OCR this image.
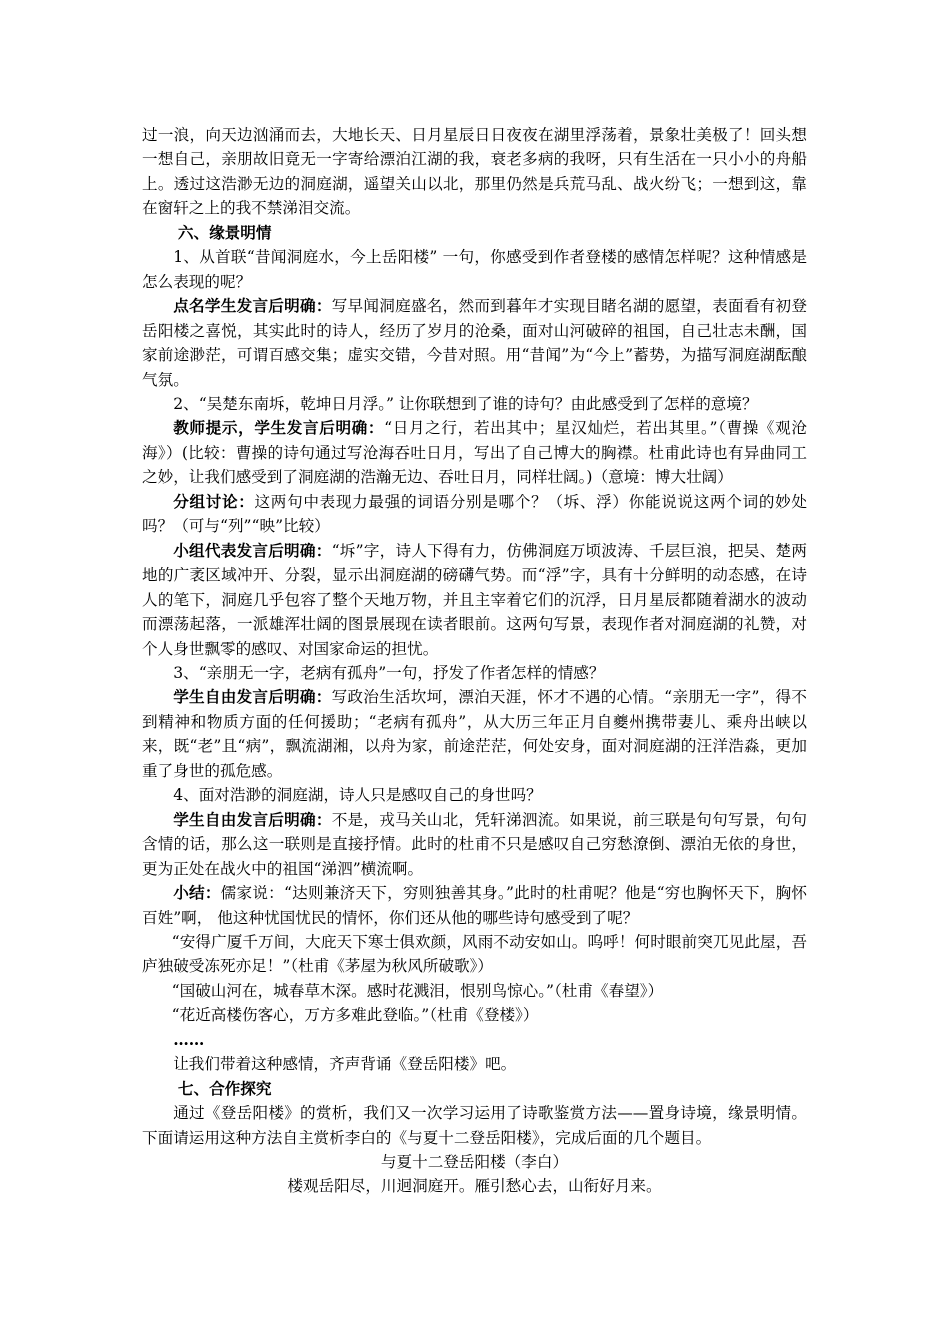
过一浪，向天边汹涌而去，大地长天、日月星辰日日夜夜在湖里浮荡着，景象壮美极了！回头想一想自己，亲朋故旧竟无一字寄给漂泊江湖的我，衰老多病的我呀，只有生活在一只小小的舟船上。透过这浩渺无边的洞庭湖，遥望关山以北，那里仍然是兵荒马乱、战火纷飞；一想到这，靠在窗轩之上的我不禁涕泪交流。

六、缘景明情

1、从首联“昔闻洞庭水，今上岳阳楼” 一句，你感受到作者登楼的感情怎样呢？这种情感是怎么表现的呢？

点名学生发言后明确：写早闻洞庭盛名，然而到暮年才实现目睹名湖的愿望，表面看有初登岳阳楼之喜悦，其实此时的诗人，经历了岁月的沧桑，面对山河破碎的祖国，自己壮志未酬，国家前途渺茫，可谓百感交集；虚实交错，今昔对照。用“昔闻”为“今上”蓄势，为描写洞庭湖酝酿气氛。

2、“吴楚东南坼，乾坤日月浮。” 让你联想到了谁的诗句？由此感受到了怎样的意境？

教师提示，学生发言后明确：“日月之行，若出其中；星汉灿烂，若出其里。”（曹操《观沧海》）(比较：曹操的诗句通过写沧海吞吐日月，写出了自己博大的胸襟。杜甫此诗也有异曲同工之妙，让我们感受到了洞庭湖的浩瀚无边、吞吐日月，同样壮阔。)（意境：博大壮阔）

分组讨论：这两句中表现力最强的词语分别是哪个？（坼、浮）你能说说这两个词的妙处吗？（可与“列”“映”比较）

小组代表发言后明确：“坼”字，诗人下得有力，仿佛洞庭万顷波涛、千层巨浪，把吴、楚两地的广袤区域冲开、分裂，显示出洞庭湖的磅礴气势。而“浮”字，具有十分鲜明的动态感，在诗人的笔下，洞庭几乎包容了整个天地万物，并且主宰着它们的沉浮，日月星辰都随着湖水的波动而漂荡起落，一派雄浑壮阔的图景展现在读者眼前。这两句写景，表现作者对洞庭湖的礼赞，对个人身世飘零的感叹、对国家命运的担忧。

3、“亲朋无一字，老病有孤舟”一句，抒发了作者怎样的情感？

学生自由发言后明确：写政治生活坎坷，漂泊天涯，怀才不遇的心情。“亲朋无一字”，得不到精神和物质方面的任何援助；“老病有孤舟”，从大历三年正月自夔州携带妻儿、乘舟出峡以来，既“老”且“病”，飘流湖湘，以舟为家，前途茫茫，何处安身，面对洞庭湖的汪洋浩淼，更加重了身世的孤危感。

4、面对浩渺的洞庭湖，诗人只是感叹自己的身世吗？

学生自由发言后明确：不是，戎马关山北，凭轩涕泗流。如果说，前三联是句句写景，句句含情的话，那么这一联则是直接抒情。此时的杜甫不只是感叹自己穷愁潦倒、漂泊无依的身世，更为正处在战火中的祖国“涕泗”横流啊。

小结：儒家说：“达则兼济天下，穷则独善其身。”此时的杜甫呢？他是“穷也胸怀天下，胸怀百姓”啊， 他这种忧国忧民的情怀，你们还从他的哪些诗句感受到了呢？

“安得广厦千万间，大庇天下寒士俱欢颜，风雨不动安如山。呜呼！何时眼前突兀见此屋，吾庐独破受冻死亦足！”（杜甫《茅屋为秋风所破歌》）

“国破山河在，城春草木深。感时花溅泪，恨别鸟惊心。”（杜甫《春望》）

“花近高楼伤客心，万方多难此登临。”（杜甫《登楼》）

……

让我们带着这种感情，齐声背诵《登岳阳楼》吧。

七、合作探究

通过《登岳阳楼》的赏析，我们又一次学习运用了诗歌鉴赏方法——置身诗境，缘景明情。下面请运用这种方法自主赏析李白的《与夏十二登岳阳楼》，完成后面的几个题目。

与夏十二登岳阳楼（李白）

楼观岳阳尽，川迥洞庭开。雁引愁心去，山衔好月来。
